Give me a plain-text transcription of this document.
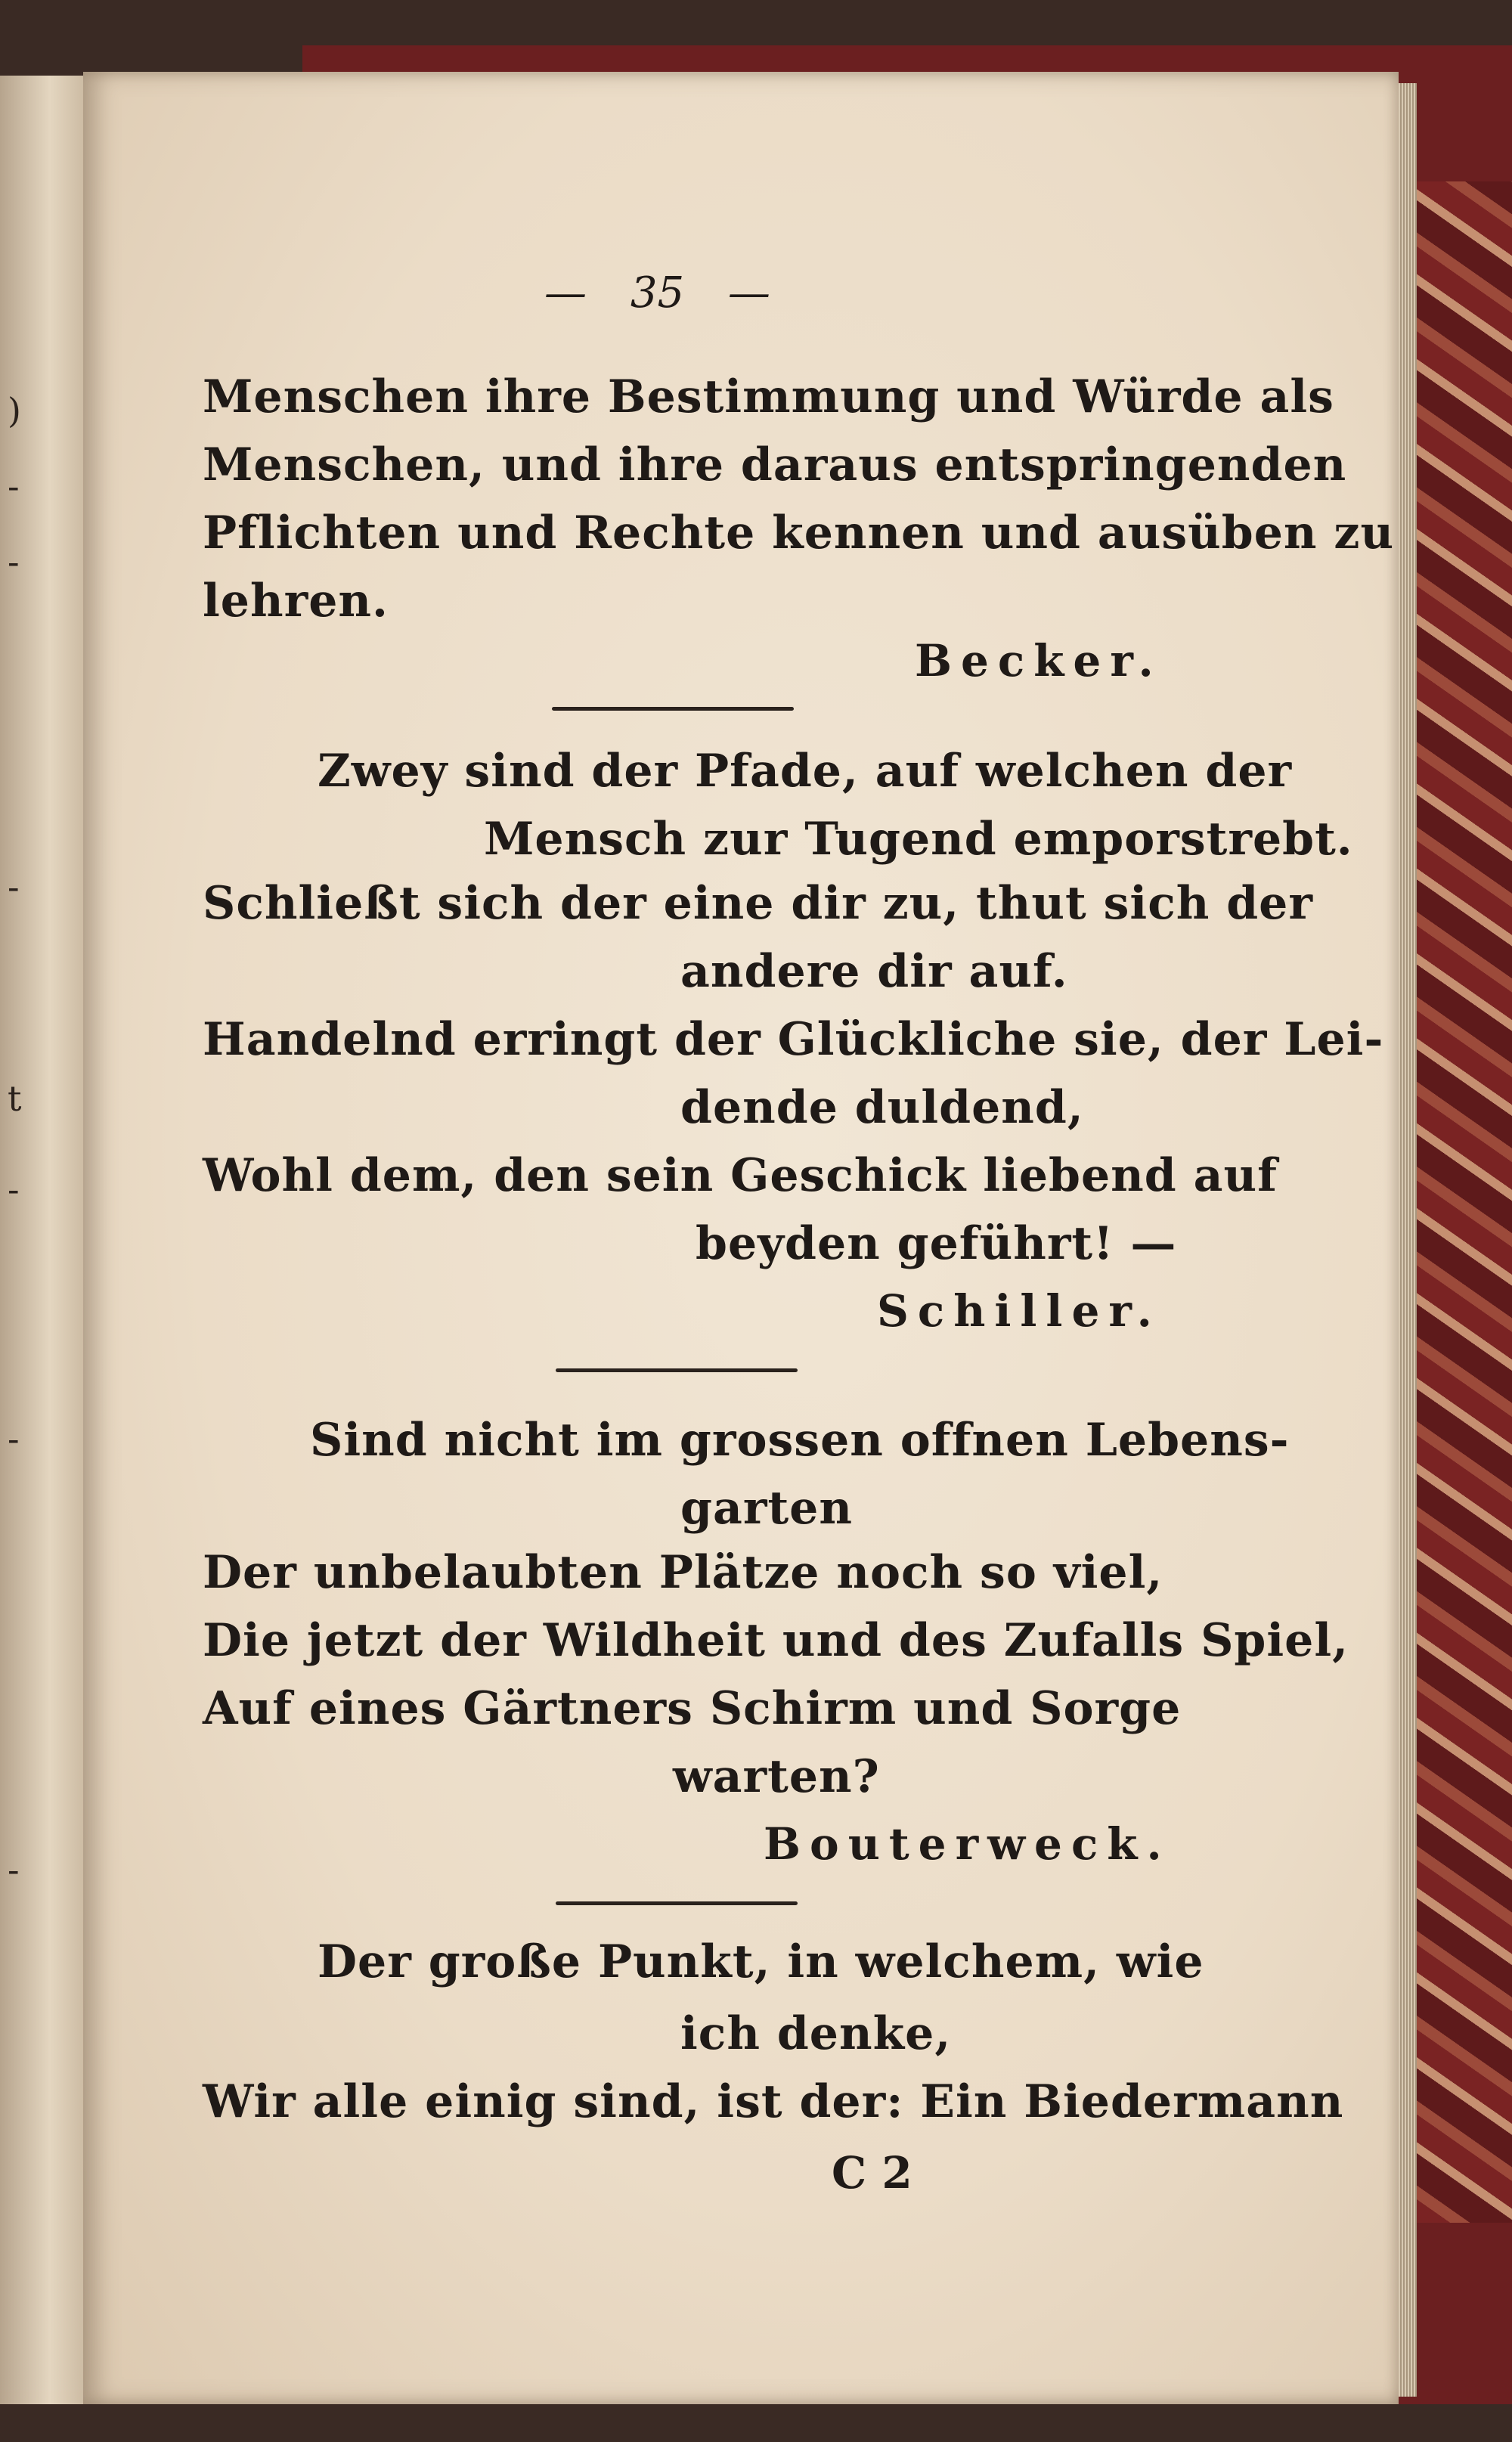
)
-
-
-
t
-
-
-
— 35 —
Menschen ihre Bestimmung und Würde als
Menschen, und ihre daraus entspringenden
Pflichten und Rechte kennen und ausüben zu
lehren.
Becker.
Zwey sind der Pfade, auf welchen der
Mensch zur Tugend emporstrebt.
Schließt sich der eine dir zu, thut sich der
andere dir auf.
Handelnd erringt der Glückliche sie, der Lei-
dende duldend,
Wohl dem, den sein Geschick liebend auf
beyden geführt! —
Schiller.
Sind nicht im grossen offnen Lebens-
garten
Der unbelaubten Plätze noch so viel,
Die jetzt der Wildheit und des Zufalls Spiel,
Auf eines Gärtners Schirm und Sorge
warten?
Bouterweck.
Der große Punkt, in welchem, wie
ich denke,
Wir alle einig sind, ist der: Ein Biedermann
C 2
